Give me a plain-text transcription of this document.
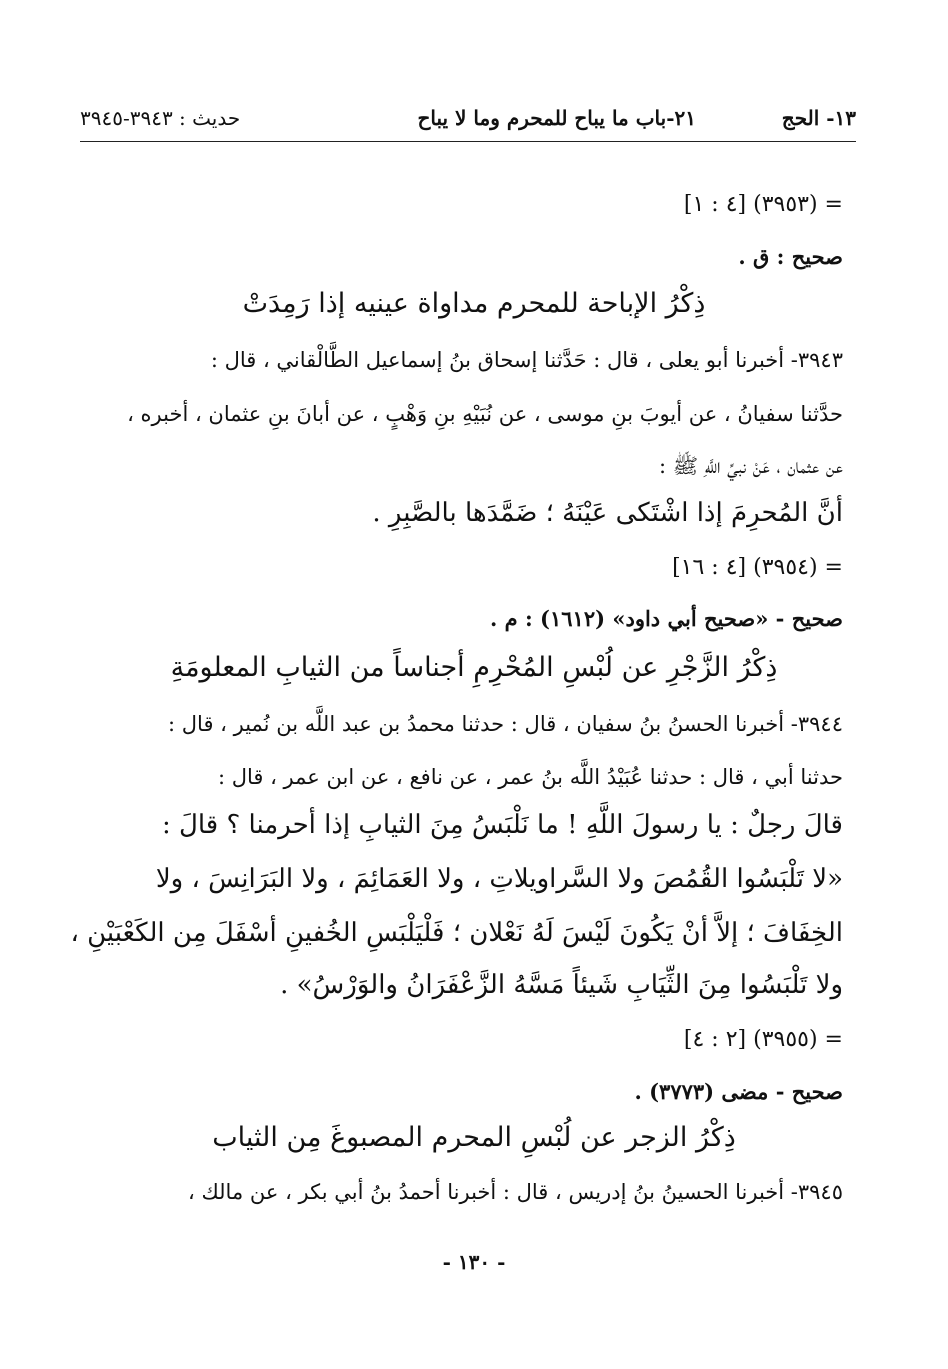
١٣- الحج
٢١-باب ما يباح للمحرم وما لا يباح
حديث : ٣٩٤٣-٣٩٤٥
= (٣٩٥٣) [٤ : ١]
صحيح : ق .
ذِكْرُ الإباحة للمحرم مداواة عينيه إذا رَمِدَتْ
٣٩٤٣- أخبرنا أبو يعلى ، قال : حَدَّثنا إسحاق بنُ إسماعيل الطَّالْقاني ، قال :
حدَّثنا سفيانُ ، عن أيوبَ بنِ موسى ، عن نُبَيْهِ بنِ وَهْبٍ ، عن أبانَ بنِ عثمان ، أخبره ،
عن عثمان ، عَنْ نبيِّ اللَّهِ ﷺ :
أنَّ المُحرِمَ إذا اشْتَكى عَيْنَهُ ؛ ضَمَّدَها بالصَّبِرِ .
= (٣٩٥٤) [٤ : ١٦]
صحيح - «صحيح أبي داود» (١٦١٢) : م .
ذِكْرُ الزَّجْرِ عن لُبْسِ المُحْرِمِ أجناساً من الثيابِ المعلومَةِ
٣٩٤٤- أخبرنا الحسنُ بنُ سفيان ، قال : حدثنا محمدُ بن عبد اللَّه بن نُمير ، قال :
حدثنا أبي ، قال : حدثنا عُبَيْدُ اللَّه بنُ عمر ، عن نافع ، عن ابن عمر ، قال :
قالَ رجلٌ : يا رسولَ اللَّهِ ! ما نَلْبَسُ مِنَ الثيابِ إذا أحرمنا ؟ قالَ :
«لا تَلْبَسُوا القُمُصَ ولا السَّراويلاتِ ، ولا العَمَائِمَ ، ولا البَرَانِسَ ، ولا
الخِفَافَ ؛ إلاَّ أنْ يَكُونَ لَيْسَ لَهُ نَعْلان ؛ فَلْيَلْبَسِ الخُفينِ أسْفَلَ مِن الكَعْبَيْنِ ،
ولا تَلْبَسُوا مِنَ الثِّيَابِ شَيئاً مَسَّهُ الزَّعْفَرَانُ والوَرْسُ» .
= (٣٩٥٥) [٢ : ٤]
صحيح - مضى (٣٧٧٣) .
ذِكْرُ الزجر عن لُبْسِ المحرم المصبوغَ مِن الثياب
٣٩٤٥- أخبرنا الحسينُ بنُ إدريس ، قال : أخبرنا أحمدُ بنُ أبي بكر ، عن مالك ،
- ١٣٠ -
